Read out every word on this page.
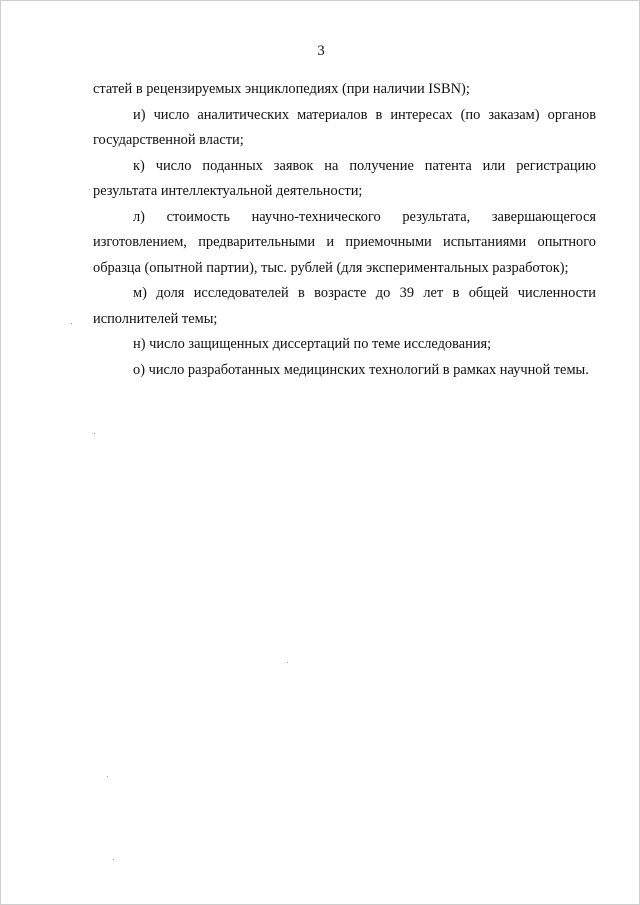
3

статей в рецензируемых энциклопедиях (при наличии ISBN);

и) число аналитических материалов в интересах (по заказам) органов государственной власти;

к) число поданных заявок на получение патента или регистрацию результата интеллектуальной деятельности;

л) стоимость научно-технического результата, завершающегося изготовлением, предварительными и приемочными испытаниями опытного образца (опытной партии), тыс. рублей (для экспериментальных разработок);

м) доля исследователей в возрасте до 39 лет в общей численности исполнителей темы;

н) число защищенных диссертаций по теме исследования;

о) число разработанных медицинских технологий в рамках научной темы.
